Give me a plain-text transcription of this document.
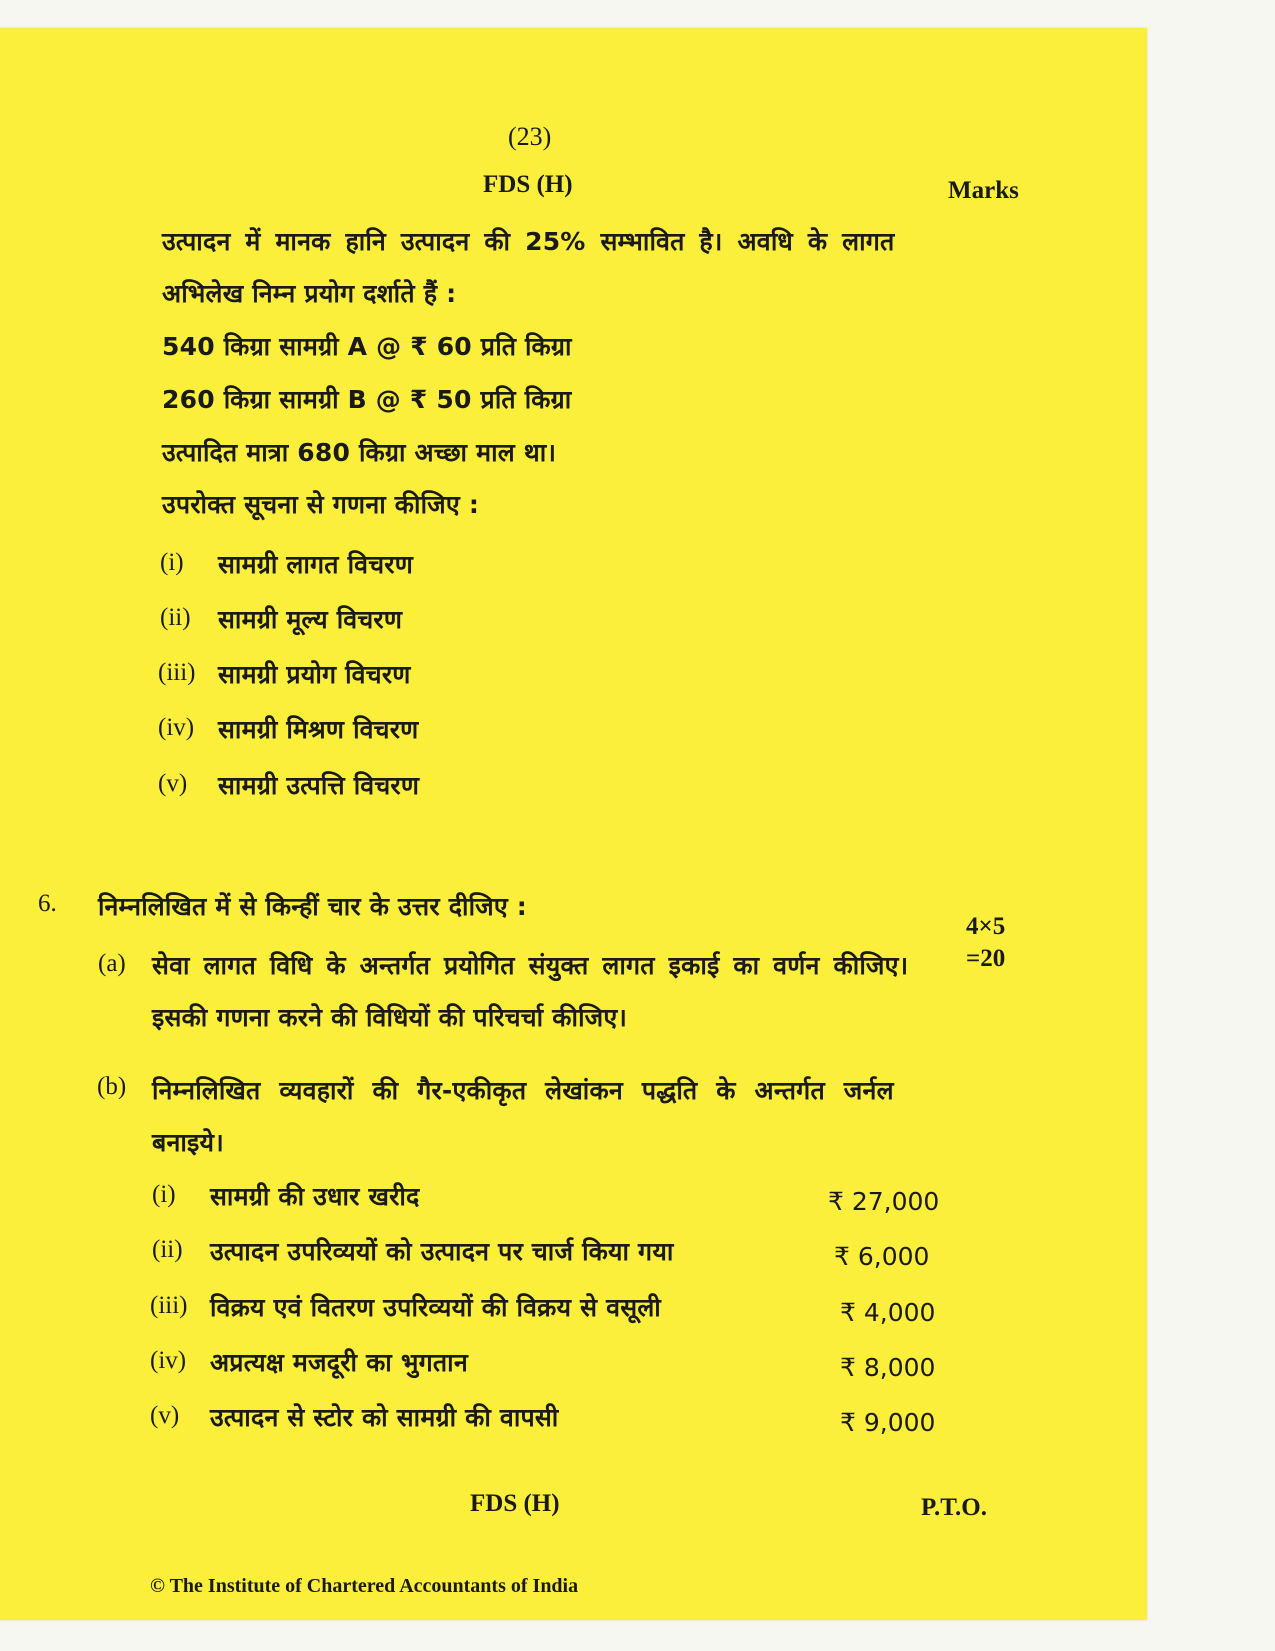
(23)
FDS (H)	Marks
उत्पादन में मानक हानि उत्पादन की 25% सम्भावित है। अवधि के लागत
अभिलेख निम्न प्रयोग दर्शाते हैं :
540 किग्रा सामग्री A @ ₹ 60 प्रति किग्रा
260 किग्रा सामग्री B @ ₹ 50 प्रति किग्रा
उत्पादित मात्रा 680 किग्रा अच्छा माल था।
उपरोक्त सूचना से गणना कीजिए :
(i) सामग्री लागत विचरण
(ii) सामग्री मूल्य विचरण
(iii) सामग्री प्रयोग विचरण
(iv) सामग्री मिश्रण विचरण
(v) सामग्री उत्पत्ति विचरण
6. निम्नलिखित में से किन्हीं चार के उत्तर दीजिए :
4×5
=20
(a) सेवा लागत विधि के अन्तर्गत प्रयोगित संयुक्त लागत इकाई का वर्णन कीजिए।
इसकी गणना करने की विधियों की परिचर्चा कीजिए।
(b) निम्नलिखित व्यवहारों की गैर-एकीकृत लेखांकन पद्धति के अन्तर्गत जर्नल
बनाइये।
(i) सामग्री की उधार खरीद	₹ 27,000
(ii) उत्पादन उपरिव्ययों को उत्पादन पर चार्ज किया गया	₹ 6,000
(iii) विक्रय एवं वितरण उपरिव्ययों की विक्रय से वसूली	₹ 4,000
(iv) अप्रत्यक्ष मजदूरी का भुगतान	₹ 8,000
(v) उत्पादन से स्टोर को सामग्री की वापसी	₹ 9,000
FDS (H)	P.T.O.
© The Institute of Chartered Accountants of India
